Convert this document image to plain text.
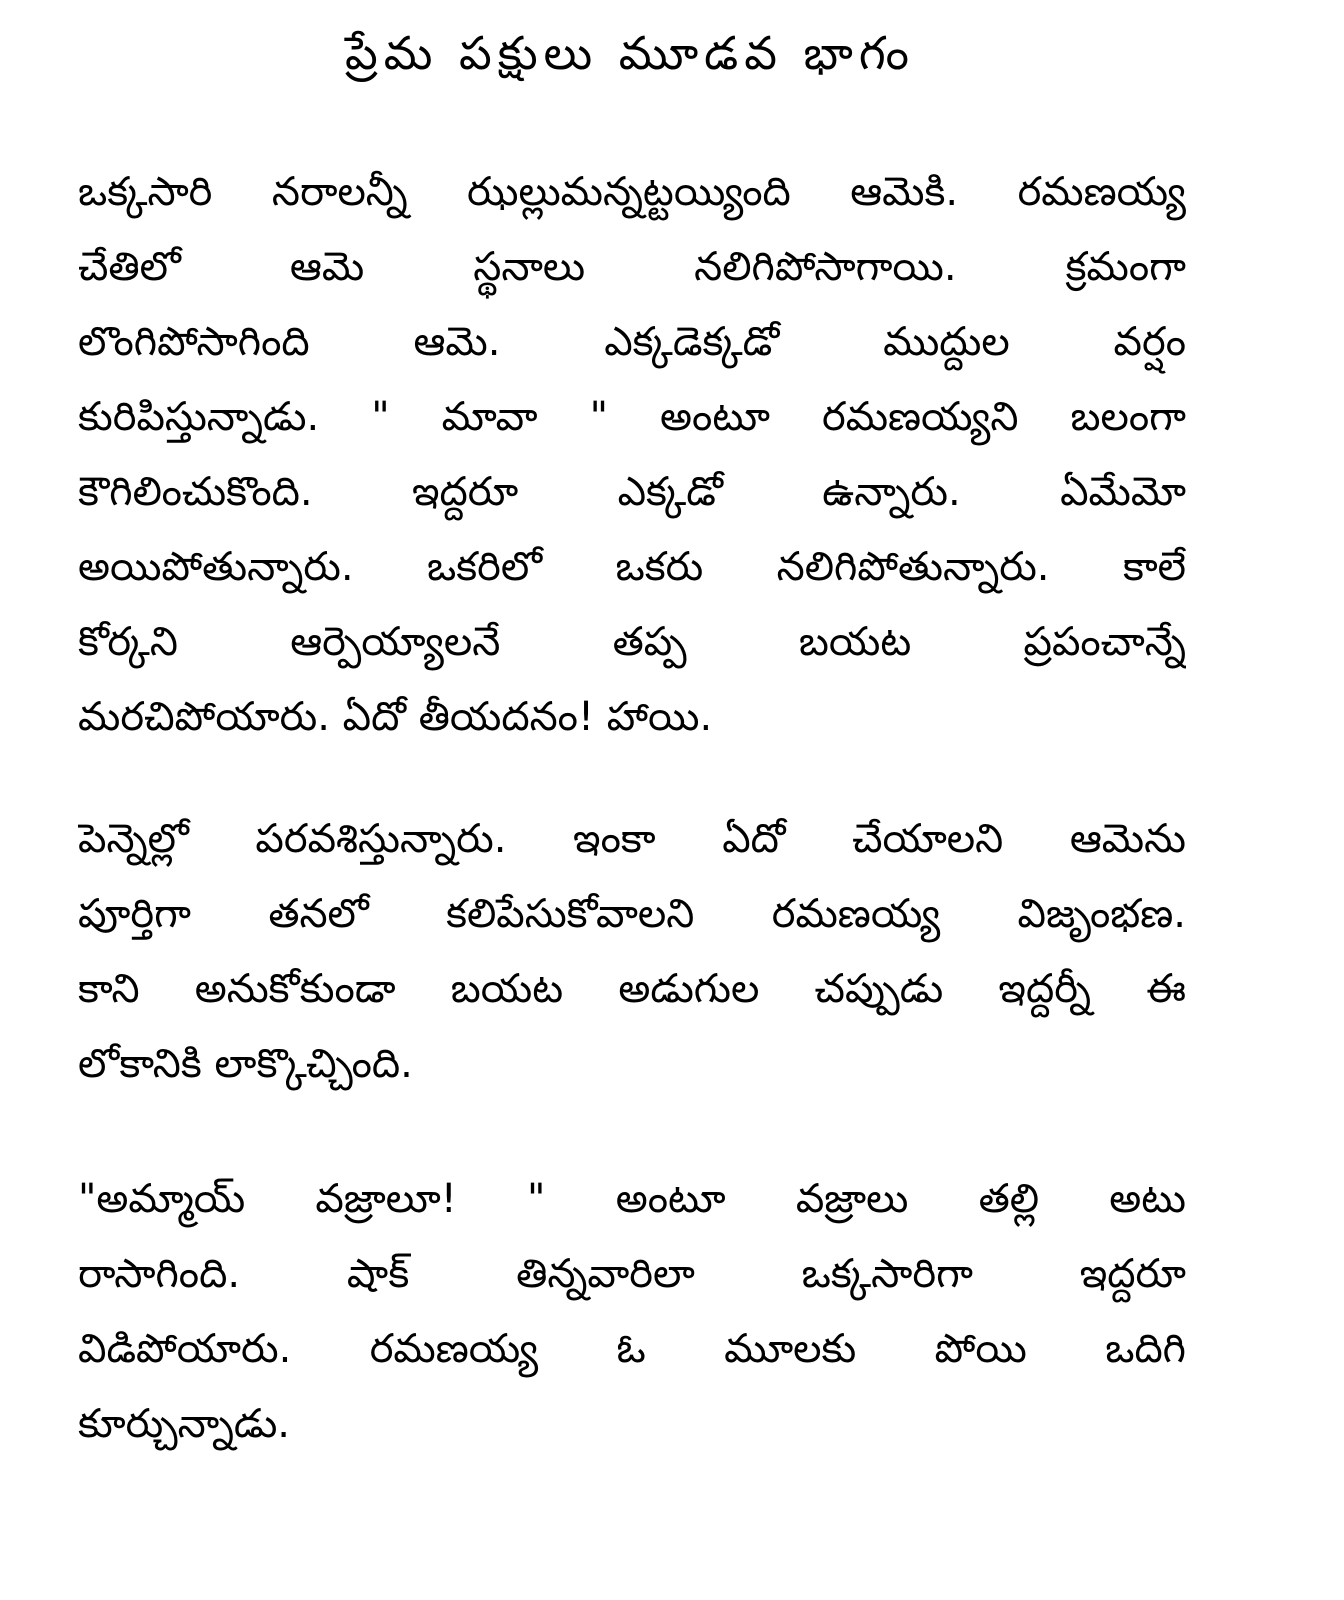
ప్రేమ పక్షులు మూడవ భాగం
ఒక్కసారి నరాలన్నీ ఝల్లుమన్నట్టయ్యింది ఆమెకి. రమణయ్య
చేతిలో ఆమె స్థనాలు నలిగిపోసాగాయి. క్రమంగా
లొంగిపోసాగింది ఆమె. ఎక్కడెక్కడో ముద్దుల వర్షం
కురిపిస్తున్నాడు. " మావా " అంటూ రమణయ్యని బలంగా
కౌగిలించుకొంది. ఇద్దరూ ఎక్కడో ఉన్నారు. ఏమేమో
అయిపోతున్నారు. ఒకరిలో ఒకరు నలిగిపోతున్నారు. కాలే
కోర్కని ఆర్పెయ్యాలనే తప్ప బయట ప్రపంచాన్నే
మరచిపోయారు. ఏదో తీయదనం! హాయి.
పెన్నెల్లో పరవశిస్తున్నారు. ఇంకా ఏదో చేయాలని ఆమెను
పూర్తిగా తనలో కలిపేసుకోవాలని రమణయ్య విజృంభణ.
కాని అనుకోకుండా బయట అడుగుల చప్పుడు ఇద్దర్నీ ఈ
లోకానికి లాక్కొచ్చింది.
"అమ్మాయ్ వజ్రాలూ! " అంటూ వజ్రాలు తల్లి అటు
రాసాగింది. షాక్ తిన్నవారిలా ఒక్కసారిగా ఇద్దరూ
విడిపోయారు. రమణయ్య ఓ మూలకు పోయి ఒదిగి
కూర్చున్నాడు.
